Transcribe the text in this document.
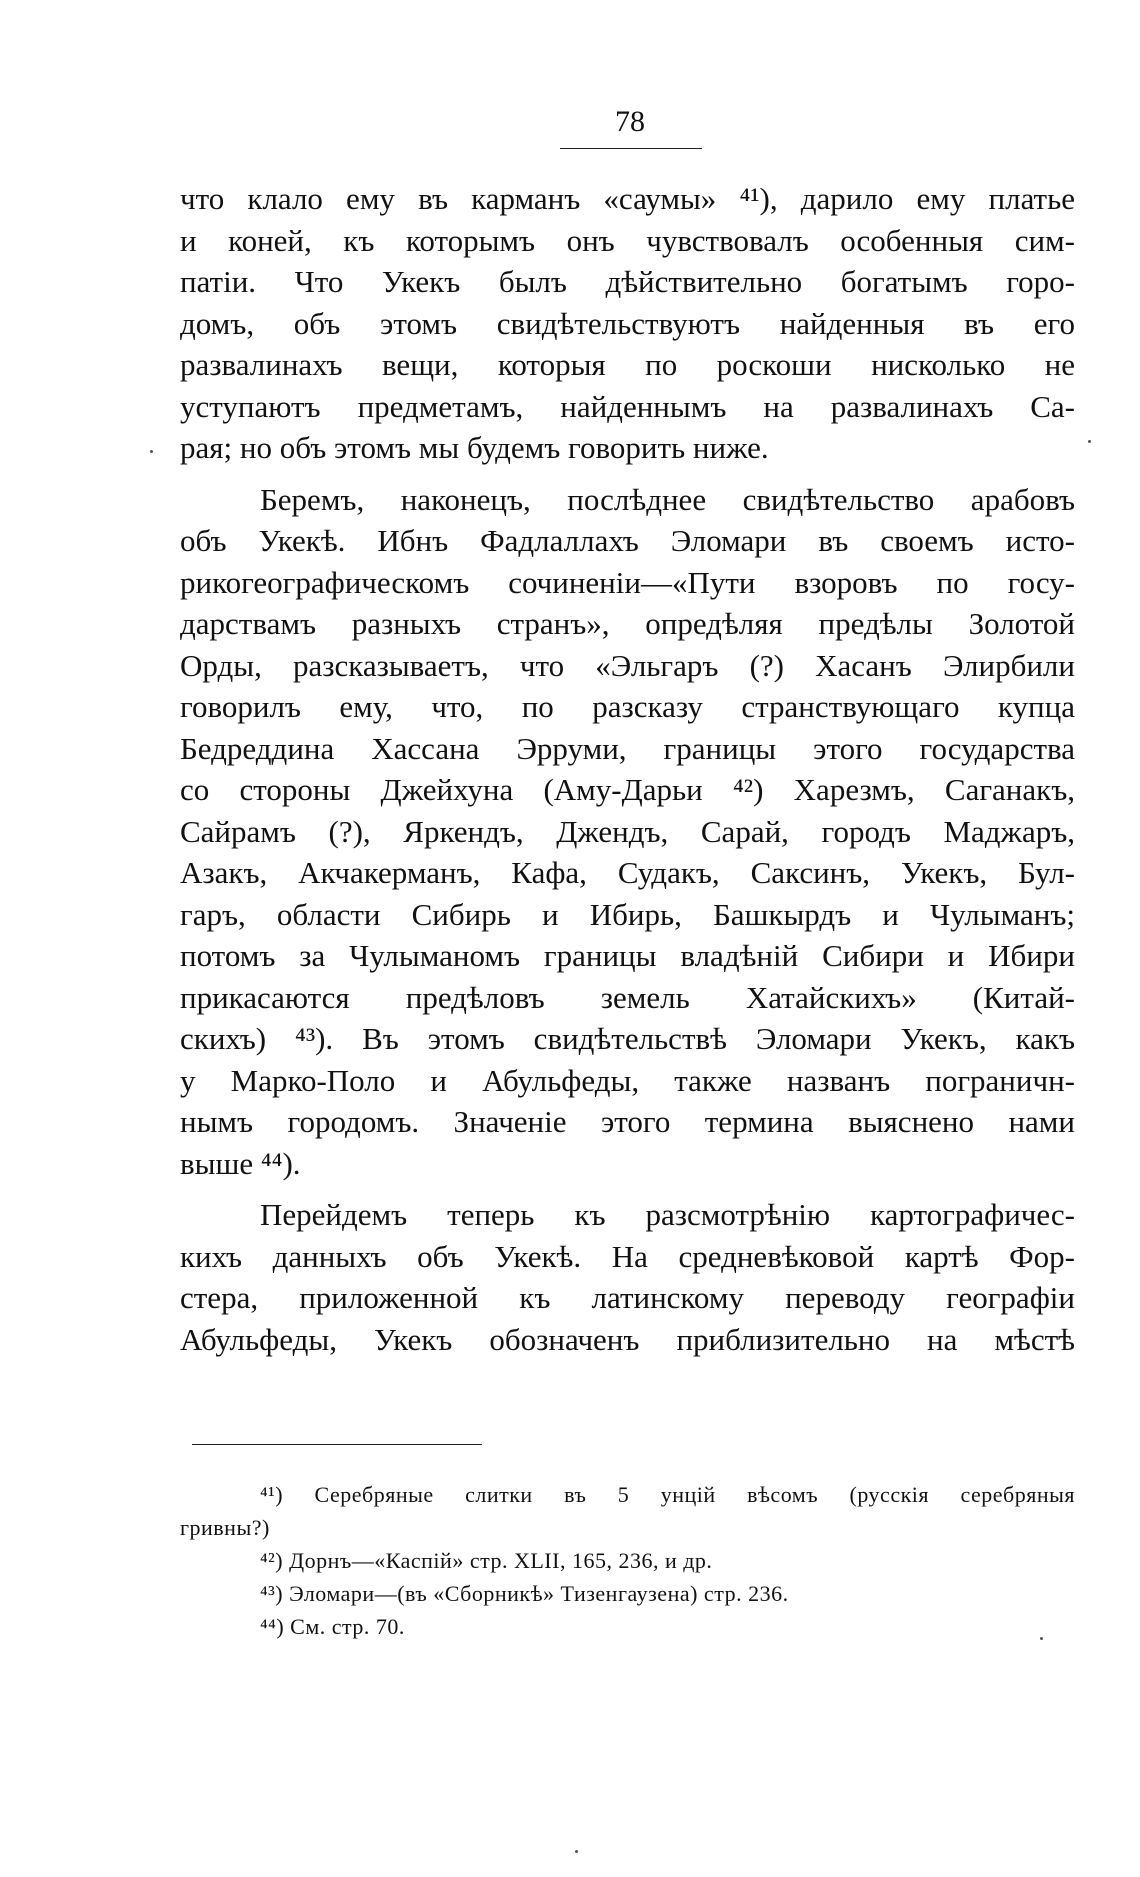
78
что клало ему въ карманъ «саумы» ⁴¹), дарило ему платье
и коней, къ которымъ онъ чувствовалъ особенныя сим-
патіи. Что Укекъ былъ дѣйствительно богатымъ горо-
домъ, объ этомъ свидѣтельствуютъ найденныя въ его
развалинахъ вещи, которыя по роскоши нисколько не
уступаютъ предметамъ, найденнымъ на развалинахъ Са-
рая; но объ этомъ мы будемъ говорить ниже.
Беремъ, наконецъ, послѣднее свидѣтельство арабовъ
объ Укекѣ. Ибнъ Фадлаллахъ Эломари въ своемъ исто-
рикогеографическомъ сочиненіи—«Пути взоровъ по госу-
дарствамъ разныхъ странъ», опредѣляя предѣлы Золотой
Орды, разсказываетъ, что «Эльгаръ (?) Хасанъ Элирбили
говорилъ ему, что, по разсказу странствующаго купца
Бедреддина Хассана Эрруми, границы этого государства
со стороны Джейхуна (Аму-Дарьи ⁴²) Харезмъ, Саганакъ,
Сайрамъ (?), Яркендъ, Джендъ, Сарай, городъ Маджаръ,
Азакъ, Акчакерманъ, Кафа, Судакъ, Саксинъ, Укекъ, Бул-
гаръ, области Сибирь и Ибирь, Башкырдъ и Чулыманъ;
потомъ за Чулыманомъ границы владѣній Сибири и Ибири
прикасаются предѣловъ земель Хатайскихъ» (Китай-
скихъ) ⁴³). Въ этомъ свидѣтельствѣ Эломари Укекъ, какъ
у Марко-Поло и Абульфеды, также названъ пограничн-
нымъ городомъ. Значеніе этого термина выяснено нами
выше ⁴⁴).
Перейдемъ теперь къ разсмотрѣнію картографичес-
кихъ данныхъ объ Укекѣ. На средневѣковой картѣ Фор-
стера, приложенной къ латинскому переводу географіи
Абульфеды, Укекъ обозначенъ приблизительно на мѣстѣ
⁴¹) Серебряные слитки въ 5 унцій вѣсомъ (русскія серебряныя
гривны?)
⁴²) Дорнъ—«Каспій» стр. XLII, 165, 236, и др.
⁴³) Эломари—(въ «Сборникѣ» Тизенгаузена) стр. 236.
⁴⁴) См. стр. 70.
